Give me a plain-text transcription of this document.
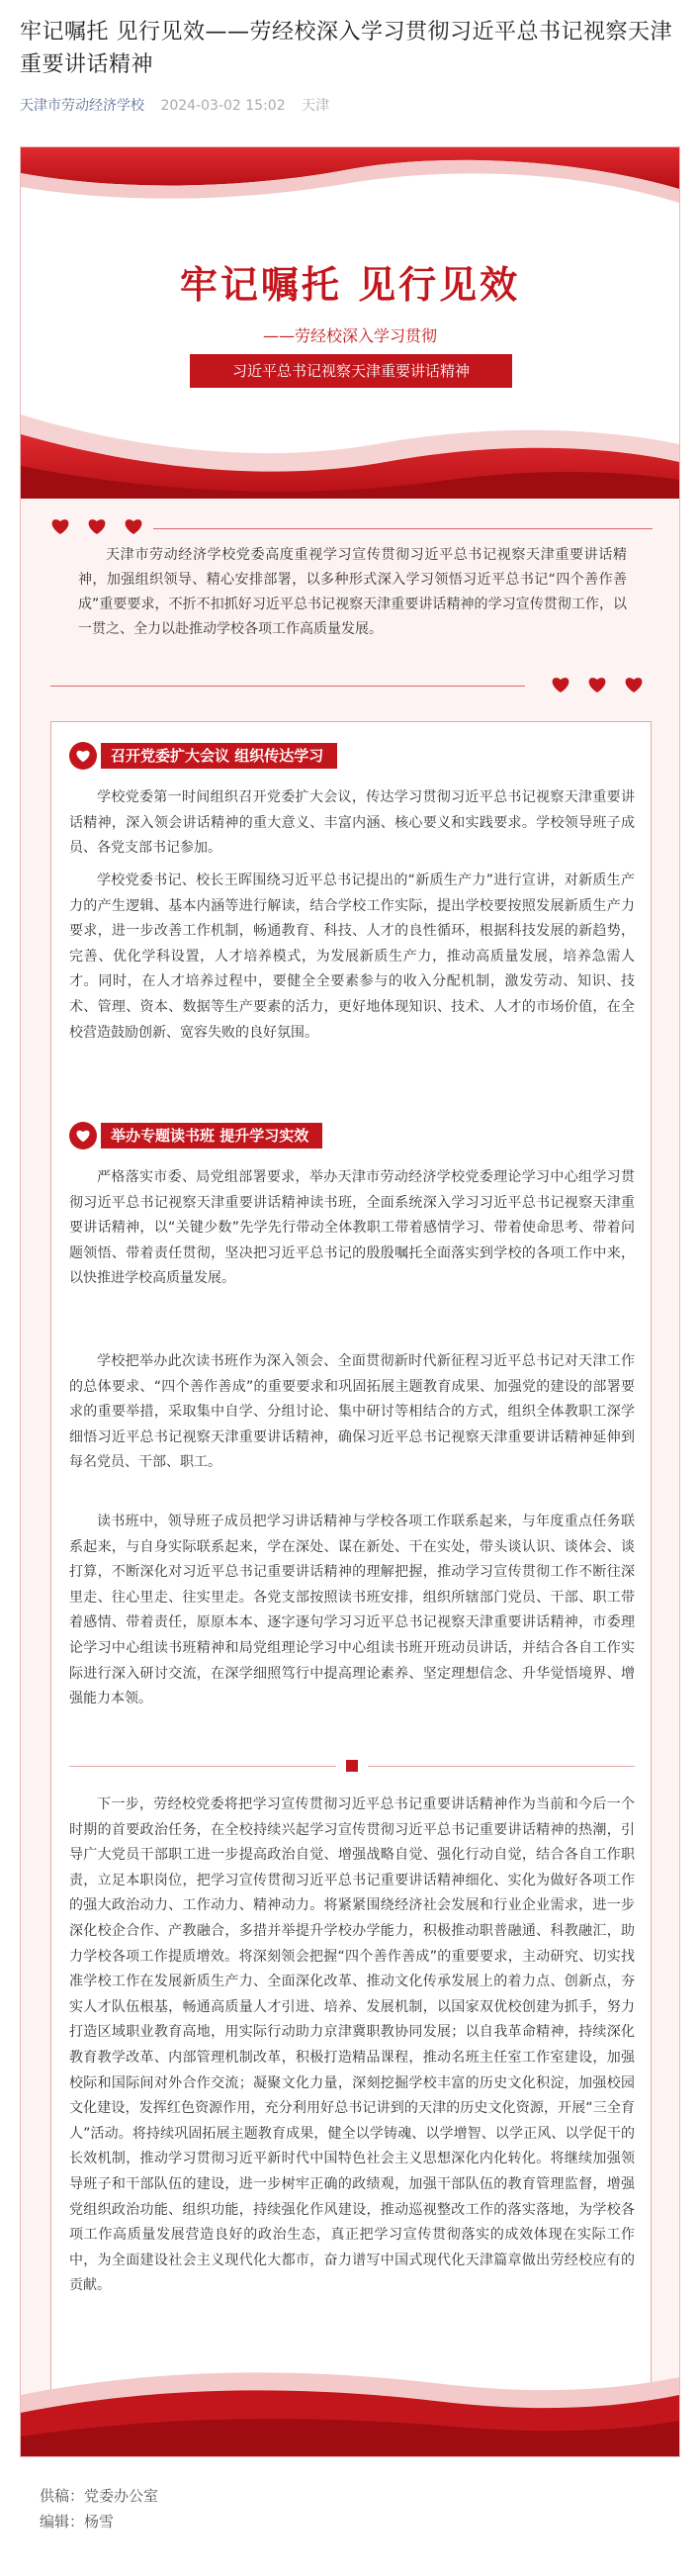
牢记嘱托 见行见效——劳经校深入学习贯彻习近平总书记视察天津重要讲话精神
天津市劳动经济学校 2024-03-02 15:02 天津
牢记嘱托 见行见效
——劳经校深入学习贯彻
习近平总书记视察天津重要讲话精神

天津市劳动经济学校党委高度重视学习宣传贯彻习近平总书记视察天津重要讲话精神，加强组织领导、精心安排部署，以多种形式深入学习领悟习近平总书记“四个善作善成”重要要求，不折不扣抓好习近平总书记视察天津重要讲话精神的学习宣传贯彻工作，以一贯之、全力以赴推动学校各项工作高质量发展。

召开党委扩大会议 组织传达学习

学校党委第一时间组织召开党委扩大会议，传达学习贯彻习近平总书记视察天津重要讲话精神，深入领会讲话精神的重大意义、丰富内涵、核心要义和实践要求。学校领导班子成员、各党支部书记参加。

学校党委书记、校长王晖围绕习近平总书记提出的“新质生产力”进行宣讲，对新质生产力的产生逻辑、基本内涵等进行解读，结合学校工作实际，提出学校要按照发展新质生产力要求，进一步改善工作机制，畅通教育、科技、人才的良性循环，根据科技发展的新趋势，完善、优化学科设置，人才培养模式，为发展新质生产力，推动高质量发展，培养急需人才。同时，在人才培养过程中，要健全全要素参与的收入分配机制，激发劳动、知识、技术、管理、资本、数据等生产要素的活力，更好地体现知识、技术、人才的市场价值，在全校营造鼓励创新、宽容失败的良好氛围。

举办专题读书班 提升学习实效

严格落实市委、局党组部署要求，举办天津市劳动经济学校党委理论学习中心组学习贯彻习近平总书记视察天津重要讲话精神读书班，全面系统深入学习习近平总书记视察天津重要讲话精神，以“关键少数”先学先行带动全体教职工带着感情学习、带着使命思考、带着问题领悟、带着责任贯彻，坚决把习近平总书记的殷殷嘱托全面落实到学校的各项工作中来，以快推进学校高质量发展。

学校把举办此次读书班作为深入领会、全面贯彻新时代新征程习近平总书记对天津工作的总体要求、“四个善作善成”的重要要求和巩固拓展主题教育成果、加强党的建设的部署要求的重要举措，采取集中自学、分组讨论、集中研讨等相结合的方式，组织全体教职工深学细悟习近平总书记视察天津重要讲话精神，确保习近平总书记视察天津重要讲话精神延伸到每名党员、干部、职工。

读书班中，领导班子成员把学习讲话精神与学校各项工作联系起来，与年度重点任务联系起来，与自身实际联系起来，学在深处、谋在新处、干在实处，带头谈认识、谈体会、谈打算，不断深化对习近平总书记重要讲话精神的理解把握，推动学习宣传贯彻工作不断往深里走、往心里走、往实里走。各党支部按照读书班安排，组织所辖部门党员、干部、职工带着感情、带着责任，原原本本、逐字逐句学习习近平总书记视察天津重要讲话精神，市委理论学习中心组读书班精神和局党组理论学习中心组读书班开班动员讲话，并结合各自工作实际进行深入研讨交流，在深学细照笃行中提高理论素养、坚定理想信念、升华觉悟境界、增强能力本领。

下一步，劳经校党委将把学习宣传贯彻习近平总书记重要讲话精神作为当前和今后一个时期的首要政治任务，在全校持续兴起学习宣传贯彻习近平总书记重要讲话精神的热潮，引导广大党员干部职工进一步提高政治自觉、增强战略自觉、强化行动自觉，结合各自工作职责，立足本职岗位，把学习宣传贯彻习近平总书记重要讲话精神细化、实化为做好各项工作的强大政治动力、工作动力、精神动力。将紧紧围绕经济社会发展和行业企业需求，进一步深化校企合作、产教融合，多措并举提升学校办学能力，积极推动职普融通、科教融汇，助力学校各项工作提质增效。将深刻领会把握“四个善作善成”的重要要求，主动研究、切实找准学校工作在发展新质生产力、全面深化改革、推动文化传承发展上的着力点、创新点，夯实人才队伍根基，畅通高质量人才引进、培养、发展机制，以国家双优校创建为抓手，努力打造区域职业教育高地，用实际行动助力京津冀职教协同发展；以自我革命精神，持续深化教育教学改革、内部管理机制改革，积极打造精品课程，推动名班主任室工作室建设，加强校际和国际间对外合作交流；凝聚文化力量，深刻挖掘学校丰富的历史文化积淀，加强校园文化建设，发挥红色资源作用，充分利用好总书记讲到的天津的历史文化资源，开展“三全育人”活动。将持续巩固拓展主题教育成果，健全以学铸魂、以学增智、以学正风、以学促干的长效机制，推动学习贯彻习近平新时代中国特色社会主义思想深化内化转化。将继续加强领导班子和干部队伍的建设，进一步树牢正确的政绩观，加强干部队伍的教育管理监督，增强党组织政治功能、组织功能，持续强化作风建设，推动巡视整改工作的落实落地，为学校各项工作高质量发展营造良好的政治生态，真正把学习宣传贯彻落实的成效体现在实际工作中，为全面建设社会主义现代化大都市，奋力谱写中国式现代化天津篇章做出劳经校应有的贡献。

供稿：党委办公室
编辑：杨雪
